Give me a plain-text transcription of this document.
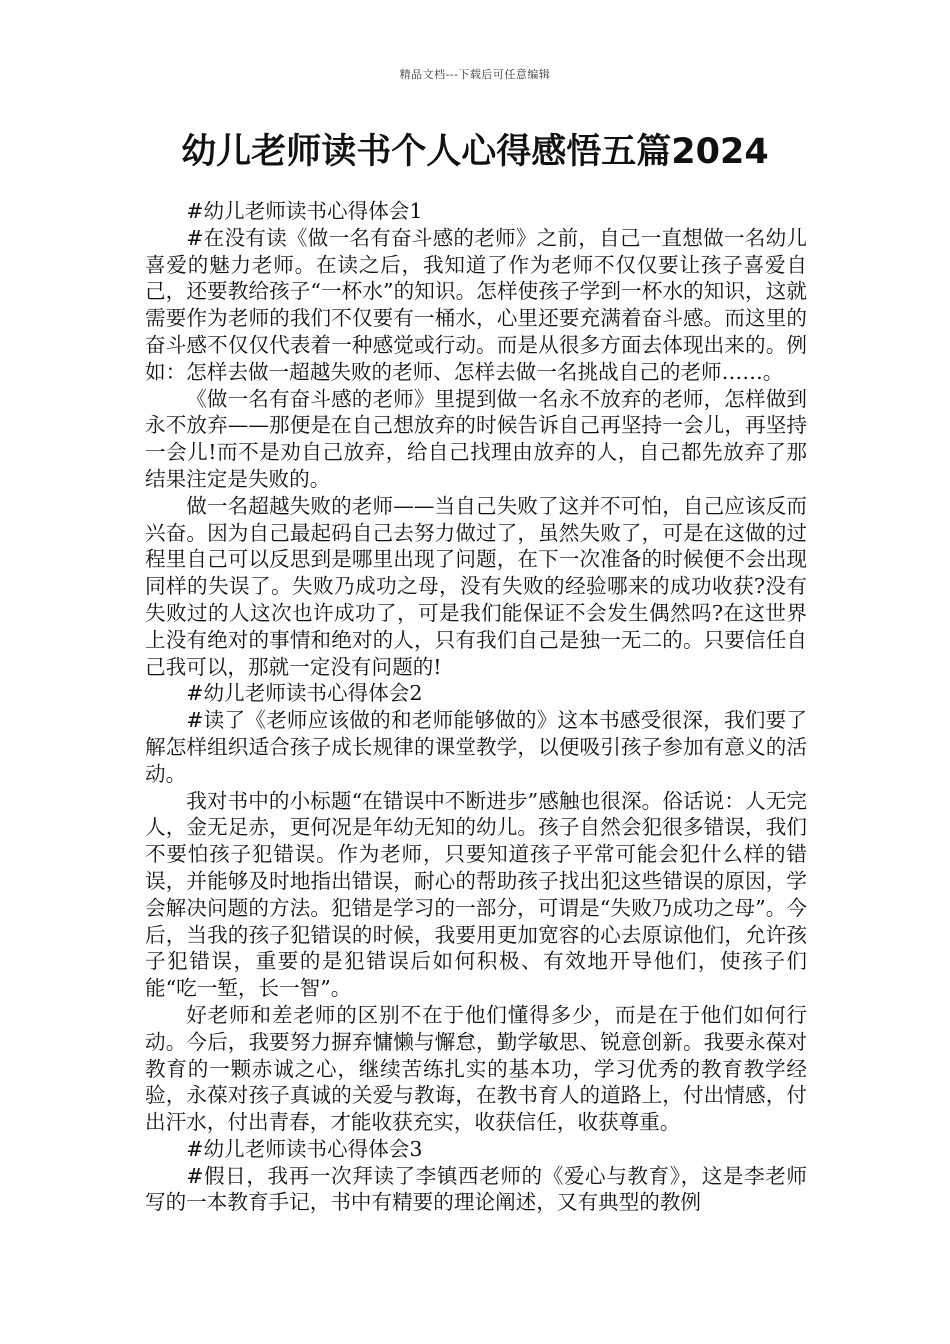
精品文档---下载后可任意编辑
幼儿老师读书个人心得感悟五篇2024

#幼儿老师读书心得体会1

#在没有读《做一名有奋斗感的老师》之前，自己一直想做一名幼儿喜爱的魅力老师。在读之后，我知道了作为老师不仅仅要让孩子喜爱自己，还要教给孩子“一杯水”的知识。怎样使孩子学到一杯水的知识，这就需要作为老师的我们不仅要有一桶水，心里还要充满着奋斗感。而这里的奋斗感不仅仅代表着一种感觉或行动。而是从很多方面去体现出来的。例如：怎样去做一超越失败的老师、怎样去做一名挑战自己的老师……。

《做一名有奋斗感的老师》里提到做一名永不放弃的老师，怎样做到永不放弃——那便是在自己想放弃的时候告诉自己再坚持一会儿，再坚持一会儿!而不是劝自己放弃，给自己找理由放弃的人，自己都先放弃了那结果注定是失败的。

做一名超越失败的老师——当自己失败了这并不可怕，自己应该反而兴奋。因为自己最起码自己去努力做过了，虽然失败了，可是在这做的过程里自己可以反思到是哪里出现了问题，在下一次准备的时候便不会出现同样的失误了。失败乃成功之母，没有失败的经验哪来的成功收获?没有失败过的人这次也许成功了，可是我们能保证不会发生偶然吗?在这世界上没有绝对的事情和绝对的人，只有我们自己是独一无二的。只要信任自己我可以，那就一定没有问题的!

#幼儿老师读书心得体会2

#读了《老师应该做的和老师能够做的》这本书感受很深，我们要了解怎样组织适合孩子成长规律的课堂教学，以便吸引孩子参加有意义的活动。

我对书中的小标题“在错误中不断进步”感触也很深。俗话说：人无完人，金无足赤，更何况是年幼无知的幼儿。孩子自然会犯很多错误，我们不要怕孩子犯错误。作为老师，只要知道孩子平常可能会犯什么样的错误，并能够及时地指出错误，耐心的帮助孩子找出犯这些错误的原因，学会解决问题的方法。犯错是学习的一部分，可谓是“失败乃成功之母”。今后，当我的孩子犯错误的时候，我要用更加宽容的心去原谅他们，允许孩子犯错误，重要的是犯错误后如何积极、有效地开导他们，使孩子们能“吃一堑，长一智”。

好老师和差老师的区别不在于他们懂得多少，而是在于他们如何行动。今后，我要努力摒弃慵懒与懈怠，勤学敏思、锐意创新。我要永葆对教育的一颗赤诚之心，继续苦练扎实的基本功，学习优秀的教育教学经验，永葆对孩子真诚的关爱与教诲，在教书育人的道路上，付出情感，付出汗水，付出青春，才能收获充实，收获信任，收获尊重。

#幼儿老师读书心得体会3

#假日，我再一次拜读了李镇西老师的《爱心与教育》，这是李老师写的一本教育手记，书中有精要的理论阐述，又有典型的教例
